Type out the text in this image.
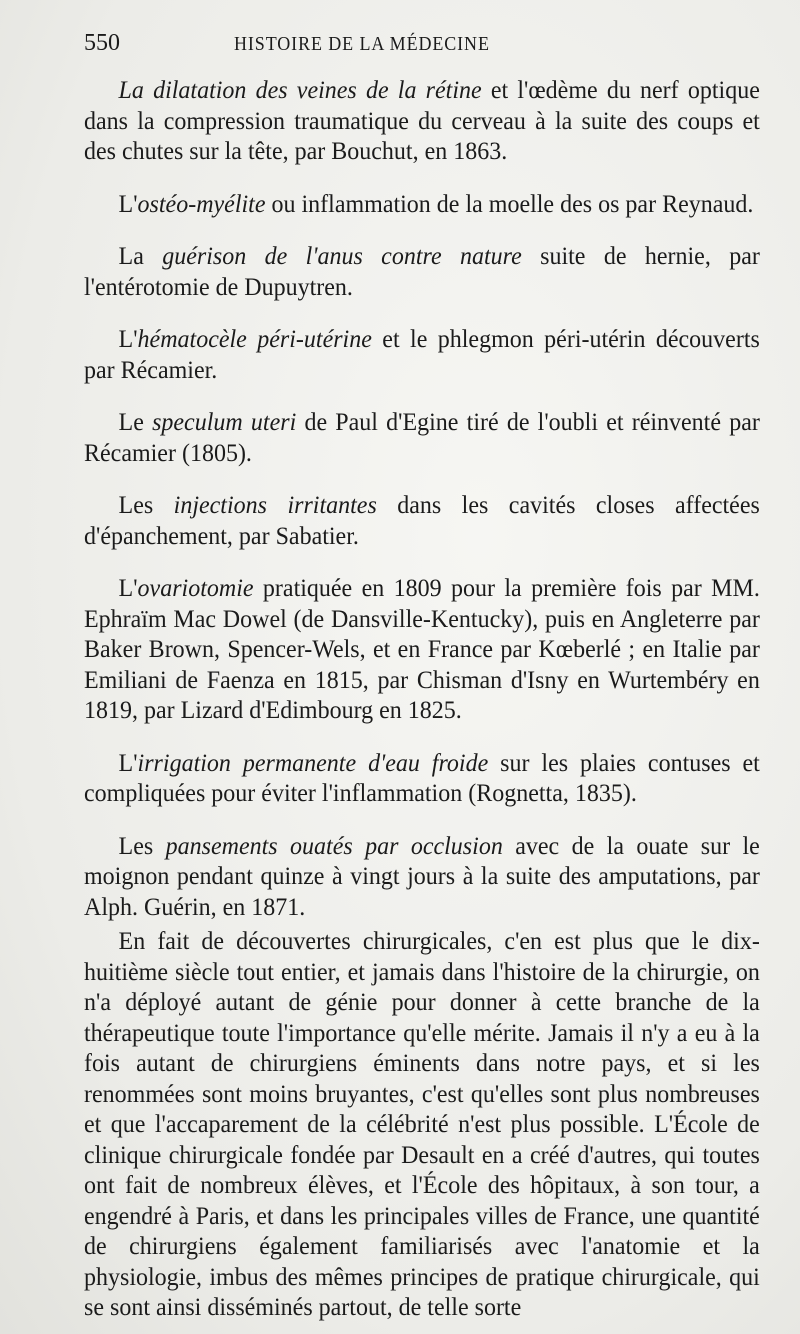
550	HISTOIRE DE LA MÉDECINE

La dilatation des veines de la rétine et l'œdème du nerf optique dans la compression traumatique du cerveau à la suite des coups et des chutes sur la tête, par Bouchut, en 1863.

L'ostéo-myélite ou inflammation de la moelle des os par Reynaud.

La guérison de l'anus contre nature suite de hernie, par l'entérotomie de Dupuytren.

L'hématocèle péri-utérine et le phlegmon péri-utérin découverts par Récamier.

Le speculum uteri de Paul d'Egine tiré de l'oubli et réinventé par Récamier (1805).

Les injections irritantes dans les cavités closes affectées d'épanchement, par Sabatier.

L'ovariotomie pratiquée en 1809 pour la première fois par MM. Ephraïm Mac Dowel (de Dansville-Kentucky), puis en Angleterre par Baker Brown, Spencer-Wels, et en France par Kœberlé ; en Italie par Emiliani de Faenza en 1815, par Chisman d'Isny en Wurtembéry en 1819, par Lizard d'Edimbourg en 1825.

L'irrigation permanente d'eau froide sur les plaies contuses et compliquées pour éviter l'inflammation (Rognetta, 1835).

Les pansements ouatés par occlusion avec de la ouate sur le moignon pendant quinze à vingt jours à la suite des amputations, par Alph. Guérin, en 1871.

En fait de découvertes chirurgicales, c'en est plus que le dix-huitième siècle tout entier, et jamais dans l'histoire de la chirurgie, on n'a déployé autant de génie pour donner à cette branche de la thérapeutique toute l'importance qu'elle mérite. Jamais il n'y a eu à la fois autant de chirurgiens éminents dans notre pays, et si les renommées sont moins bruyantes, c'est qu'elles sont plus nombreuses et que l'accaparement de la célébrité n'est plus possible. L'École de clinique chirurgicale fondée par Desault en a créé d'autres, qui toutes ont fait de nombreux élèves, et l'École des hôpitaux, à son tour, a engendré à Paris, et dans les principales villes de France, une quantité de chirurgiens également familiarisés avec l'anatomie et la physiologie, imbus des mêmes principes de pratique chirurgicale, qui se sont ainsi disséminés partout, de telle sorte
